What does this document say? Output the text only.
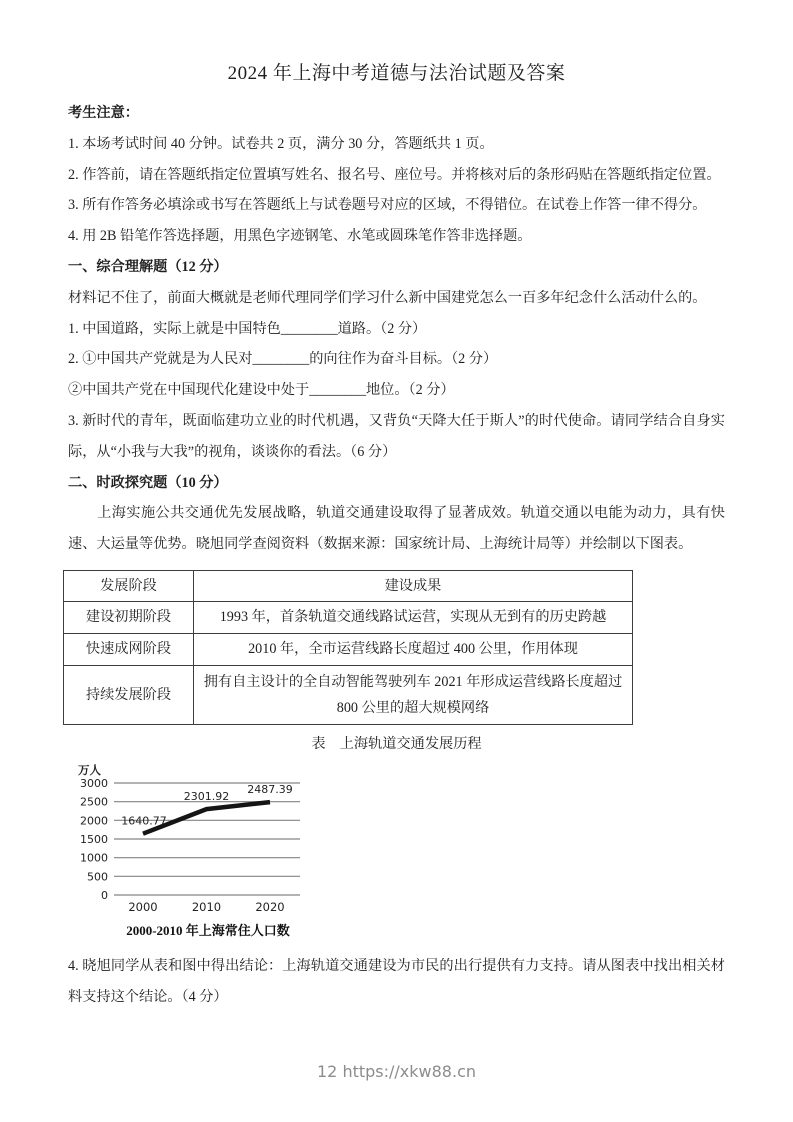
2024 年上海中考道德与法治试题及答案

考生注意：

1. 本场考试时间 40 分钟。试卷共 2 页，满分 30 分，答题纸共 1 页。

2. 作答前，请在答题纸指定位置填写姓名、报名号、座位号。并将核对后的条形码贴在答题纸指定位置。

3. 所有作答务必填涂或书写在答题纸上与试卷题号对应的区域，不得错位。在试卷上作答一律不得分。

4. 用 2B 铅笔作答选择题，用黑色字迹钢笔、水笔或圆珠笔作答非选择题。

一、综合理解题（12 分）

材料记不住了，前面大概就是老师代理同学们学习什么新中国建党怎么一百多年纪念什么活动什么的。

1. 中国道路，实际上就是中国特色________道路。（2 分）

2. ①中国共产党就是为人民对________的向往作为奋斗目标。（2 分）

②中国共产党在中国现代化建设中处于________地位。（2 分）

3. 新时代的青年，既面临建功立业的时代机遇，又背负“天降大任于斯人”的时代使命。请同学结合自身实际，从“小我与大我”的视角，谈谈你的看法。（6 分）

二、时政探究题（10 分）

上海实施公共交通优先发展战略，轨道交通建设取得了显著成效。轨道交通以电能为动力，具有快速、大运量等优势。晓旭同学查阅资料（数据来源：国家统计局、上海统计局等）并绘制以下图表。

发展阶段	建设成果
建设初期阶段	1993 年，首条轨道交通线路试运营，实现从无到有的历史跨越
快速成网阶段	2010 年，全市运营线路长度超过 400 公里，作用体现
持续发展阶段	拥有自主设计的全自动智能驾驶列车 2021 年形成运营线路长度超过 800 公里的超大规模网络

表　上海轨道交通发展历程

万人
0
500
1000
1500
2000
2500
3000
1640.77
2301.92
2487.39
2000	2010	2020
2000-2010 年上海常住人口数

4. 晓旭同学从表和图中得出结论：上海轨道交通建设为市民的出行提供有力支持。请从图表中找出相关材料支持这个结论。（4 分）

12 https://xkw88.cn
